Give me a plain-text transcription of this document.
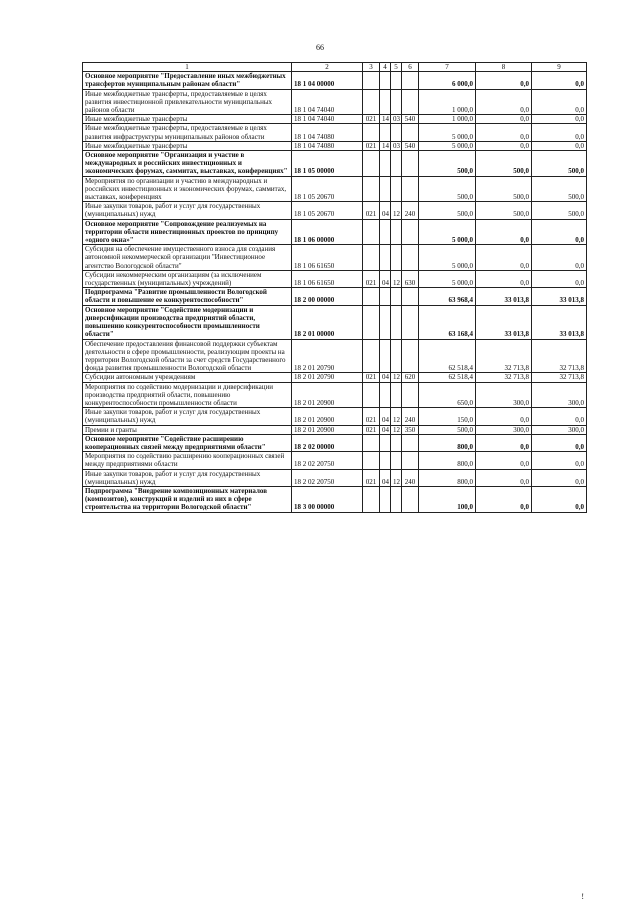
66
1	2	3	4	5	6	7	8	9
Основное мероприятие "Предоставление иных межбюджетных трансфертов муниципальным районам области"	18 1 04 00000					6 000,0	0,0	0,0
Иные межбюджетные трансферты, предоставляемые в целях развития инвестиционной привлекательности муниципальных районов области	18 1 04 74040					1 000,0	0,0	0,0
Иные межбюджетные трансферты	18 1 04 74040	021	14	03	540	1 000,0	0,0	0,0
Иные межбюджетные трансферты, предоставляемые в целях развития инфраструктуры муниципальных районов области	18 1 04 74080					5 000,0	0,0	0,0
Иные межбюджетные трансферты	18 1 04 74080	021	14	03	540	5 000,0	0,0	0,0
Основное мероприятие "Организация и участие в международных и российских инвестиционных и экономических форумах, саммитах, выставках, конференциях"	18 1 05 00000					500,0	500,0	500,0
Мероприятия по организации и участию в международных и российских инвестиционных и экономических форумах, саммитах, выставках, конференциях	18 1 05 20670					500,0	500,0	500,0
Иные закупки товаров, работ и услуг для государственных (муниципальных) нужд	18 1 05 20670	021	04	12	240	500,0	500,0	500,0
Основное мероприятие "Сопровождение реализуемых на территории области инвестиционных проектов по принципу «одного окна»"	18 1 06 00000					5 000,0	0,0	0,0
Субсидия на обеспечение имущественного взноса для создания автономной некоммерческой организации "Инвестиционное агентство Вологодской области"	18 1 06 61650					5 000,0	0,0	0,0
Субсидии некоммерческим организациям (за исключением государственных (муниципальных) учреждений)	18 1 06 61650	021	04	12	630	5 000,0	0,0	0,0
Подпрограмма "Развитие промышленности Вологодской области и повышение ее конкурентоспособности"	18 2 00 00000					63 968,4	33 013,8	33 013,8
Основное мероприятие "Содействие модернизации и диверсификации производства предприятий области, повышению конкурентоспособности промышленности области"	18 2 01 00000					63 168,4	33 013,8	33 013,8
Обеспечение предоставления финансовой поддержки субъектам деятельности в сфере промышленности, реализующим проекты на территории Вологодской области за счет средств Государственного фонда развития промышленности Вологодской области	18 2 01 20790					62 518,4	32 713,8	32 713,8
Субсидии автономным учреждениям	18 2 01 20790	021	04	12	620	62 518,4	32 713,8	32 713,8
Мероприятия по содействию модернизации и диверсификации производства предприятий области, повышению конкурентоспособности промышленности области	18 2 01 20900					650,0	300,0	300,0
Иные закупки товаров, работ и услуг для государственных (муниципальных) нужд	18 2 01 20900	021	04	12	240	150,0	0,0	0,0
Премии и гранты	18 2 01 20900	021	04	12	350	500,0	300,0	300,0
Основное мероприятие "Содействие расширению кооперационных связей между предприятиями области"	18 2 02 00000					800,0	0,0	0,0
Мероприятия по содействию расширению кооперационных связей между предприятиями области	18 2 02 20750					800,0	0,0	0,0
Иные закупки товаров, работ и услуг для государственных (муниципальных) нужд	18 2 02 20750	021	04	12	240	800,0	0,0	0,0
Подпрограмма "Внедрение композиционных материалов (композитов), конструкций и изделий из них в сфере строительства на территории Вологодской области"	18 3 00 00000					100,0	0,0	0,0
!
